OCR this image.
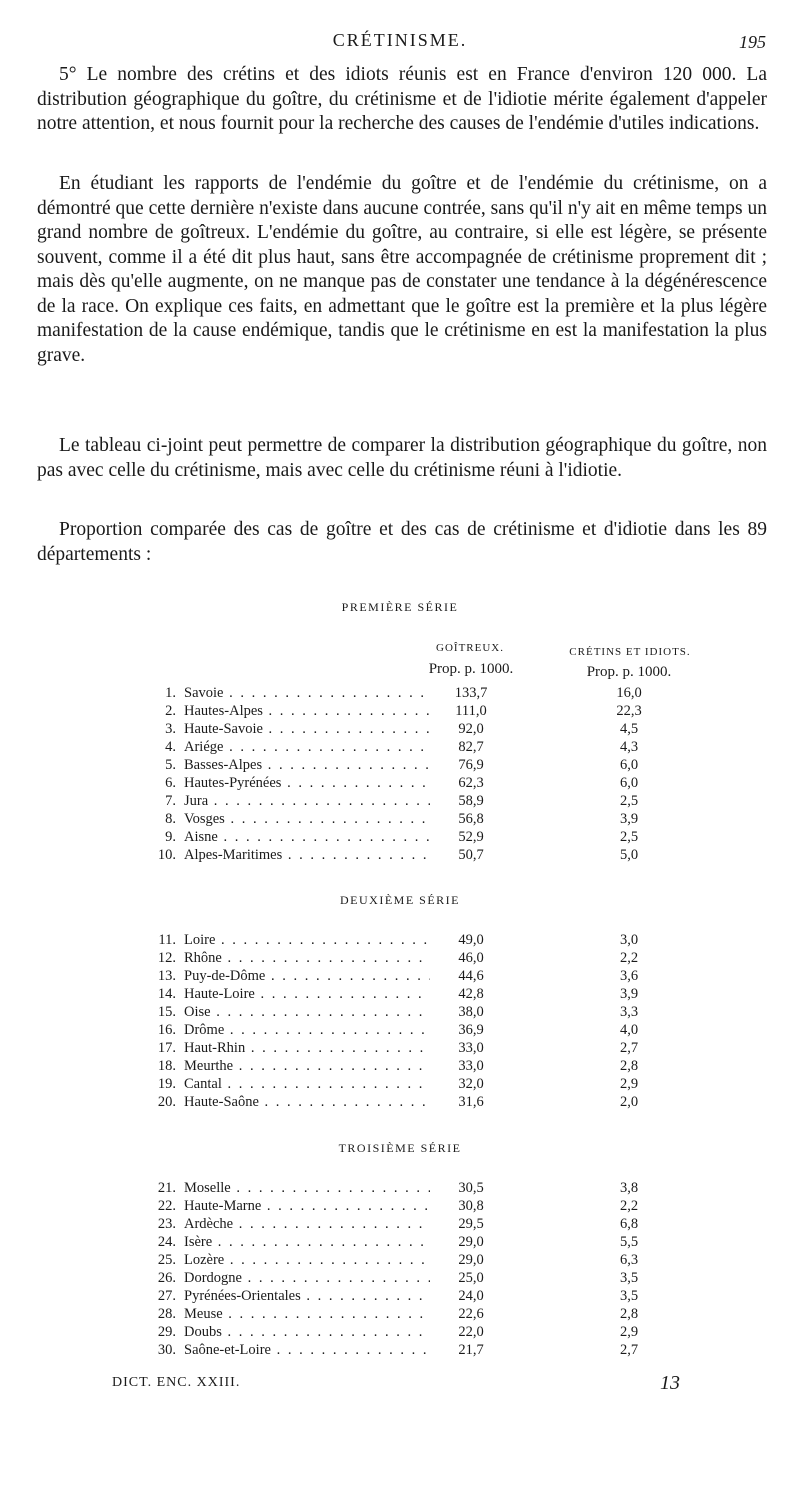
CRÉTINISME.	195

5° Le nombre des crétins et des idiots réunis est en France d'environ 120 000. La distribution géographique du goître, du crétinisme et de l'idiotie mérite également d'appeler notre attention, et nous fournit pour la recherche des causes de l'endémie d'utiles indications.

En étudiant les rapports de l'endémie du goître et de l'endémie du crétinisme, on a démontré que cette dernière n'existe dans aucune contrée, sans qu'il n'y ait en même temps un grand nombre de goîtreux. L'endémie du goître, au contraire, si elle est légère, se présente souvent, comme il a été dit plus haut, sans être accompagnée de crétinisme proprement dit ; mais dès qu'elle augmente, on ne manque pas de constater une tendance à la dégénérescence de la race. On explique ces faits, en admettant que le goître est la première et la plus légère manifestation de la cause endémique, tandis que le crétinisme en est la manifestation la plus grave.

Le tableau ci-joint peut permettre de comparer la distribution géographique du goître, non pas avec celle du crétinisme, mais avec celle du crétinisme réuni à l'idiotie.

Proportion comparée des cas de goître et des cas de crétinisme et d'idiotie dans les 89 départements :

PREMIÈRE SÉRIE
GOÎTREUX.	CRÉTINS ET IDIOTS.
Prop. p. 1000.	Prop. p. 1000.
1. Savoie . . .	133,7	16,0
2. Hautes-Alpes . . .	111,0	22,3
3. Haute-Savoie . . .	92,0	4,5
4. Ariége . . .	82,7	4,3
5. Basses-Alpes . . .	76,9	6,0
6. Hautes-Pyrénées . . .	62,3	6,0
7. Jura . . .	58,9	2,5
8. Vosges . . .	56,8	3,9
9. Aisne . . .	52,9	2,5
10. Alpes-Maritimes . . .	50,7	5,0
DEUXIÈME SÉRIE
11. Loire . . .	49,0	3,0
12. Rhône . . .	46,0	2,2
13. Puy-de-Dôme . . .	44,6	3,6
14. Haute-Loire . . .	42,8	3,9
15. Oise . . .	38,0	3,3
16. Drôme . . .	36,9	4,0
17. Haut-Rhin . . .	33,0	2,7
18. Meurthe . . .	33,0	2,8
19. Cantal . . .	32,0	2,9
20. Haute-Saône . . .	31,6	2,0
TROISIÈME SÉRIE
21. Moselle . . .	30,5	3,8
22. Haute-Marne . . .	30,8	2,2
23. Ardèche . . .	29,5	6,8
24. Isère . . .	29,0	5,5
25. Lozère . . .	29,0	6,3
26. Dordogne . . .	25,0	3,5
27. Pyrénées-Orientales . . .	24,0	3,5
28. Meuse . . .	22,6	2,8
29. Doubs . . .	22,0	2,9
30. Saône-et-Loire . . .	21,7	2,7
DICT. ENC. XXIII.	13
